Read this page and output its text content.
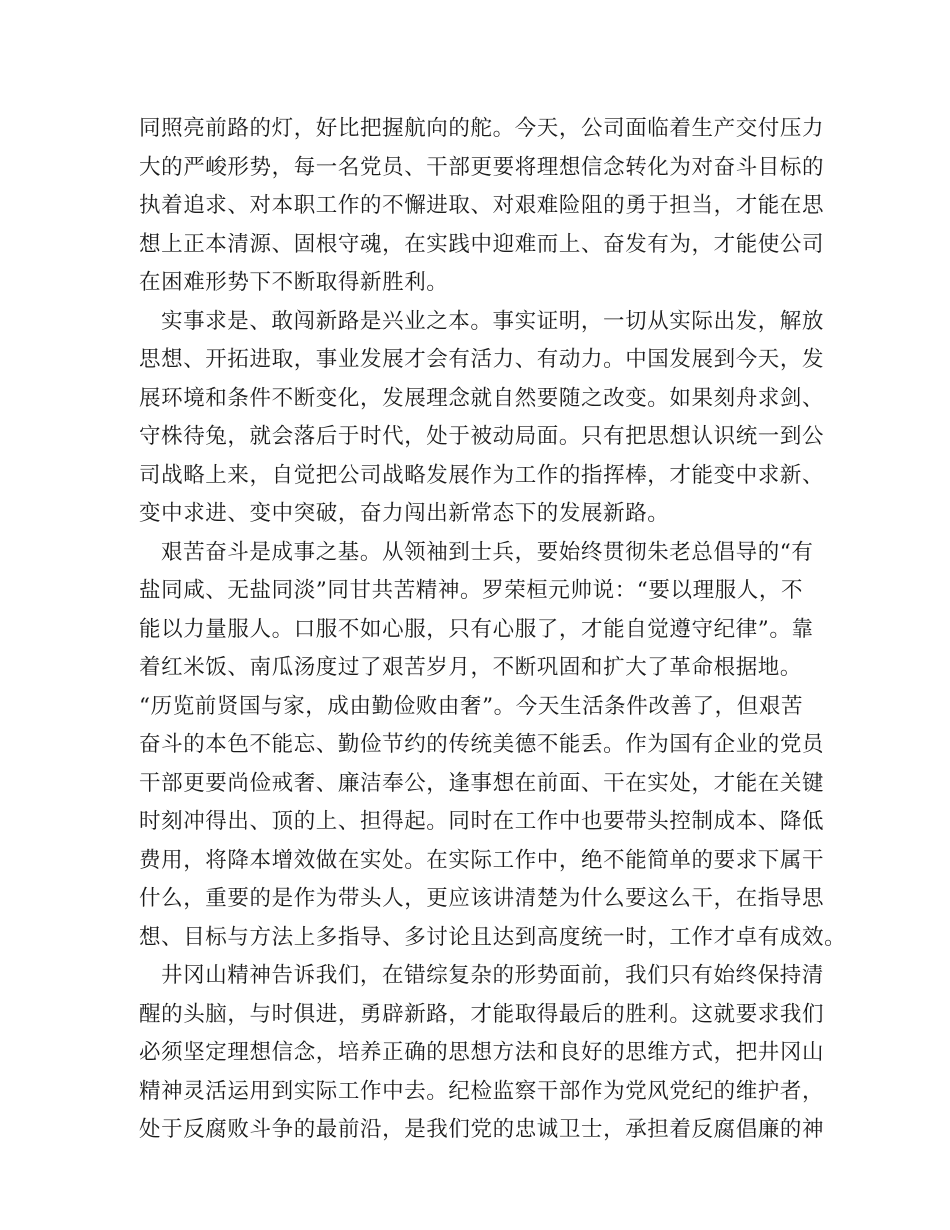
同照亮前路的灯，好比把握航向的舵。今天，公司面临着生产交付压力
大的严峻形势，每一名党员、干部更要将理想信念转化为对奋斗目标的
执着追求、对本职工作的不懈进取、对艰难险阻的勇于担当，才能在思
想上正本清源、固根守魂，在实践中迎难而上、奋发有为，才能使公司
在困难形势下不断取得新胜利。
实事求是、敢闯新路是兴业之本。事实证明，一切从实际出发，解放
思想、开拓进取，事业发展才会有活力、有动力。中国发展到今天，发
展环境和条件不断变化，发展理念就自然要随之改变。如果刻舟求剑、
守株待兔，就会落后于时代，处于被动局面。只有把思想认识统一到公
司战略上来，自觉把公司战略发展作为工作的指挥棒，才能变中求新、
变中求进、变中突破，奋力闯出新常态下的发展新路。
艰苦奋斗是成事之基。从领袖到士兵，要始终贯彻朱老总倡导的“有
盐同咸、无盐同淡”同甘共苦精神。罗荣桓元帅说：“要以理服人，不
能以力量服人。口服不如心服，只有心服了，才能自觉遵守纪律”。靠
着红米饭、南瓜汤度过了艰苦岁月，不断巩固和扩大了革命根据地。
“历览前贤国与家，成由勤俭败由奢”。今天生活条件改善了，但艰苦
奋斗的本色不能忘、勤俭节约的传统美德不能丢。作为国有企业的党员
干部更要尚俭戒奢、廉洁奉公，逢事想在前面、干在实处，才能在关键
时刻冲得出、顶的上、担得起。同时在工作中也要带头控制成本、降低
费用，将降本增效做在实处。在实际工作中，绝不能简单的要求下属干
什么，重要的是作为带头人，更应该讲清楚为什么要这么干，在指导思
想、目标与方法上多指导、多讨论且达到高度统一时，工作才卓有成效。
井冈山精神告诉我们，在错综复杂的形势面前，我们只有始终保持清
醒的头脑，与时俱进，勇辟新路，才能取得最后的胜利。这就要求我们
必须坚定理想信念，培养正确的思想方法和良好的思维方式，把井冈山
精神灵活运用到实际工作中去。纪检监察干部作为党风党纪的维护者，
处于反腐败斗争的最前沿，是我们党的忠诚卫士，承担着反腐倡廉的神
